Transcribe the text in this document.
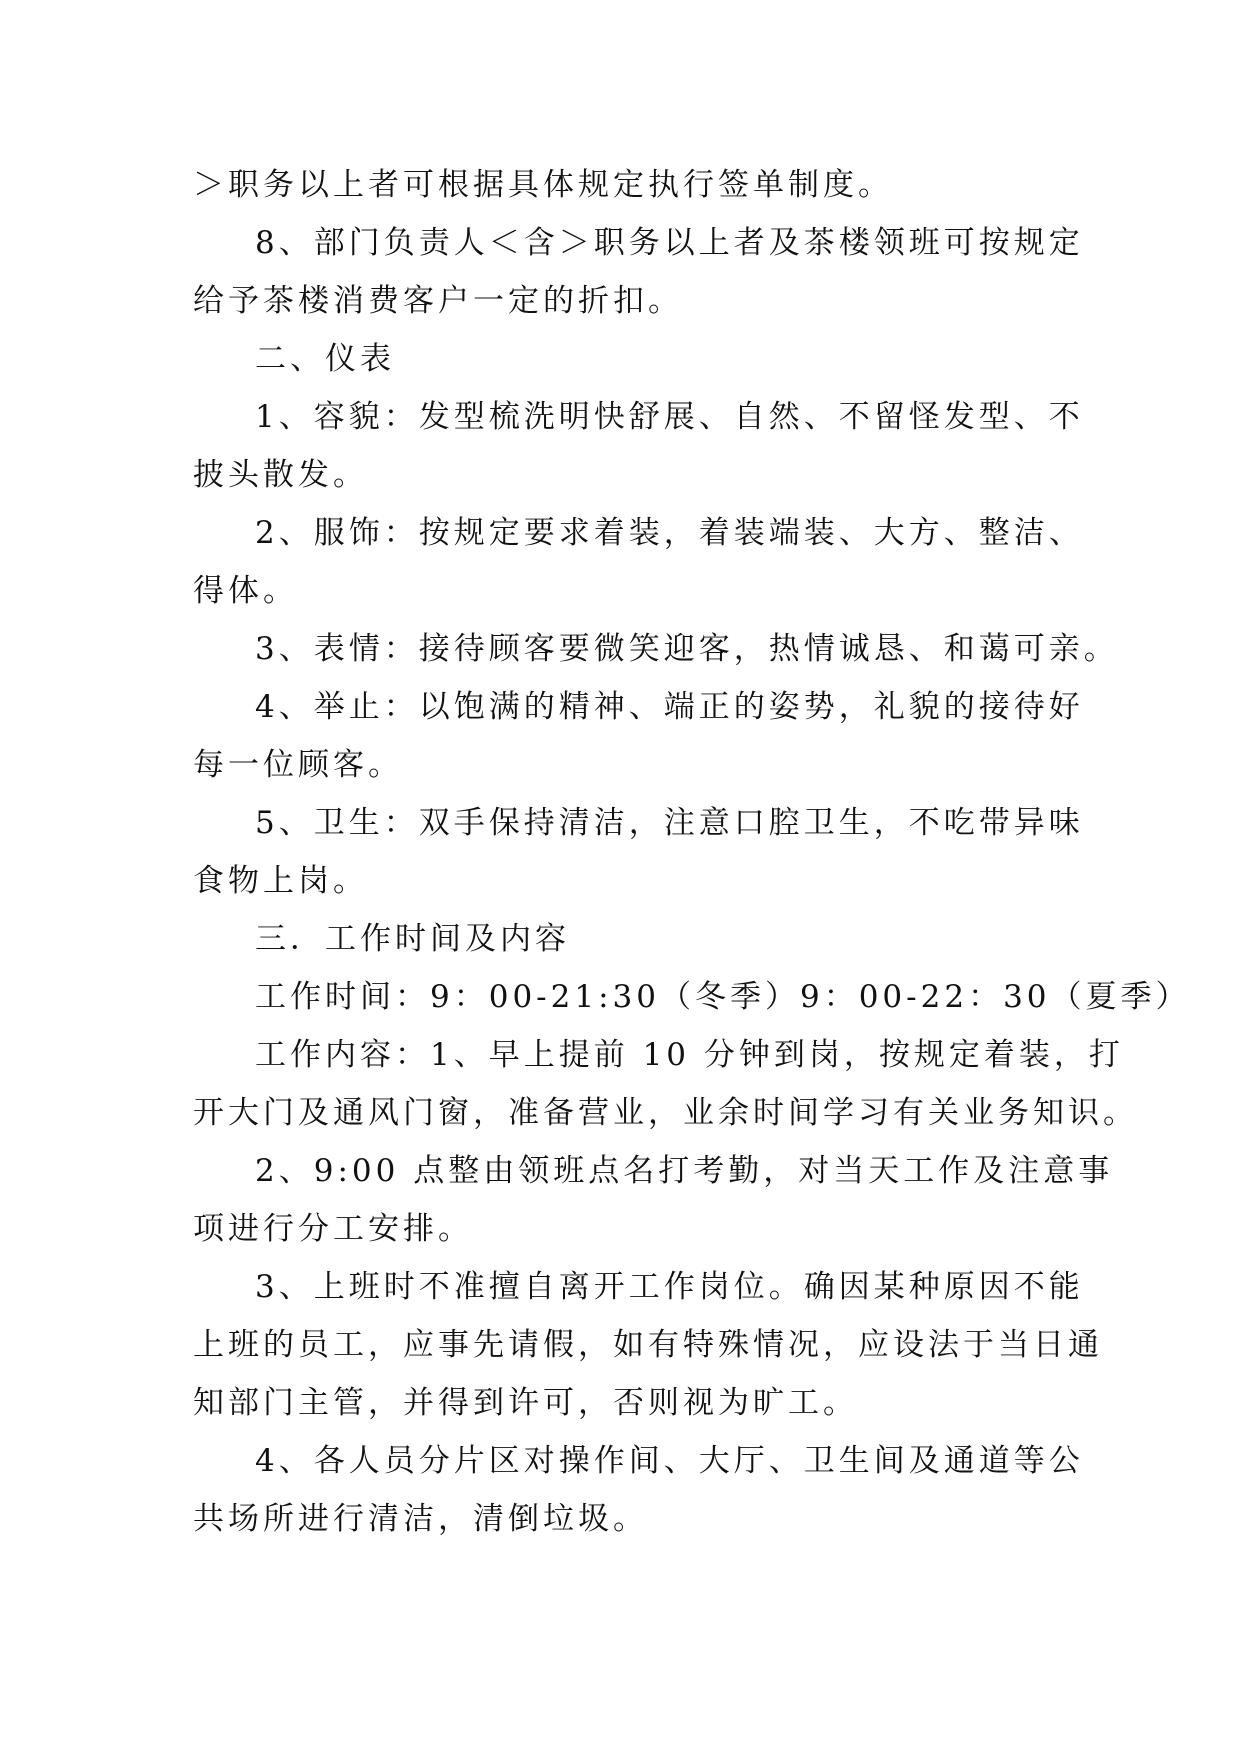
＞职务以上者可根据具体规定执行签单制度。
8、部门负责人＜含＞职务以上者及茶楼领班可按规定
给予茶楼消费客户一定的折扣。
二、仪表
1、容貌：发型梳洗明快舒展、自然、不留怪发型、不
披头散发。
2、服饰：按规定要求着装，着装端装、大方、整洁、
得体。
3、表情：接待顾客要微笑迎客，热情诚恳、和蔼可亲。
4、举止：以饱满的精神、端正的姿势，礼貌的接待好
每一位顾客。
5、卫生：双手保持清洁，注意口腔卫生，不吃带异味
食物上岗。
三．工作时间及内容
工作时间：9：00-21:30（冬季）9：00-22：30（夏季）
工作内容：1、早上提前 10 分钟到岗，按规定着装，打
开大门及通风门窗，准备营业，业余时间学习有关业务知识。
2、9:00 点整由领班点名打考勤，对当天工作及注意事
项进行分工安排。
3、上班时不准擅自离开工作岗位。确因某种原因不能
上班的员工，应事先请假，如有特殊情况，应设法于当日通
知部门主管，并得到许可，否则视为旷工。
4、各人员分片区对操作间、大厅、卫生间及通道等公
共场所进行清洁，清倒垃圾。
